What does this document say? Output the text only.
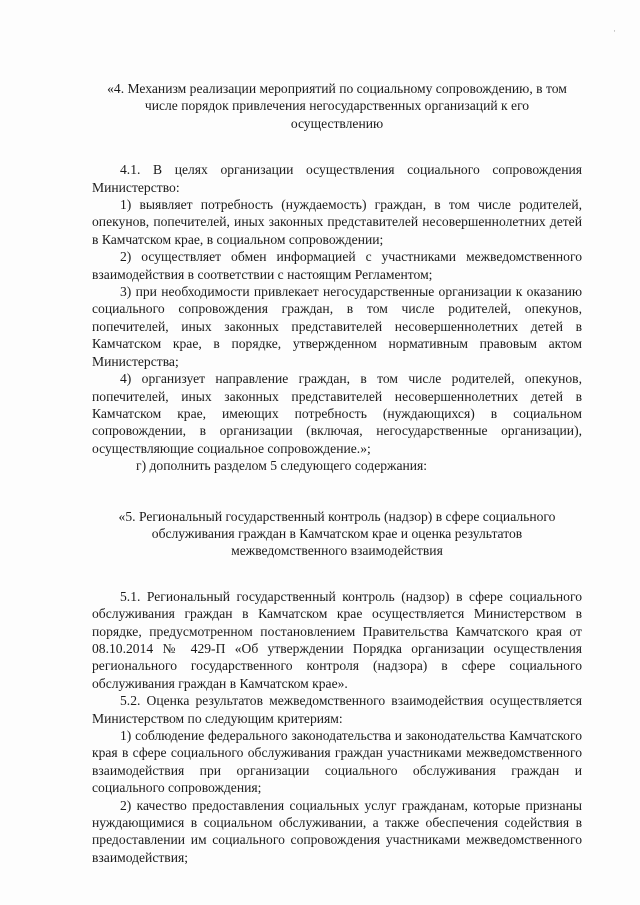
·
«4. Механизм реализации мероприятий по социальному сопровождению, в том числе порядок привлечения негосударственных организаций к его осуществлению

4.1. В целях организации осуществления социального сопровождения Министерство:

1) выявляет потребность (нуждаемость) граждан, в том числе родителей, опекунов, попечителей, иных законных представителей несовершеннолетних детей в Камчатском крае, в социальном сопровождении;

2) осуществляет обмен информацией с участниками межведомственного взаимодействия в соответствии с настоящим Регламентом;

3) при необходимости привлекает негосударственные организации к оказанию социального сопровождения граждан, в том числе родителей, опекунов, попечителей, иных законных представителей несовершеннолетних детей в Камчатском крае, в порядке, утвержденном нормативным правовым актом Министерства;

4) организует направление граждан, в том числе родителей, опекунов, попечителей, иных законных представителей несовершеннолетних детей в Камчатском крае, имеющих потребность (нуждающихся) в социальном сопровождении, в организации (включая, негосударственные организации), осуществляющие социальное сопровождение.»;

г) дополнить разделом 5 следующего содержания:

«5. Региональный государственный контроль (надзор) в сфере социального обслуживания граждан в Камчатском крае и оценка результатов межведомственного взаимодействия

5.1. Региональный государственный контроль (надзор) в сфере социального обслуживания граждан в Камчатском крае осуществляется Министерством в порядке, предусмотренном постановлением Правительства Камчатского края от 08.10.2014 № 429-П «Об утверждении Порядка организации осуществления регионального государственного контроля (надзора) в сфере социального обслуживания граждан в Камчатском крае».

5.2. Оценка результатов межведомственного взаимодействия осуществляется Министерством по следующим критериям:

1) соблюдение федерального законодательства и законодательства Камчатского края в сфере социального обслуживания граждан участниками межведомственного взаимодействия при организации социального обслуживания граждан и социального сопровождения;

2) качество предоставления социальных услуг гражданам, которые признаны нуждающимися в социальном обслуживании, а также обеспечения содействия в предоставлении им социального сопровождения участниками межведомственного взаимодействия;
